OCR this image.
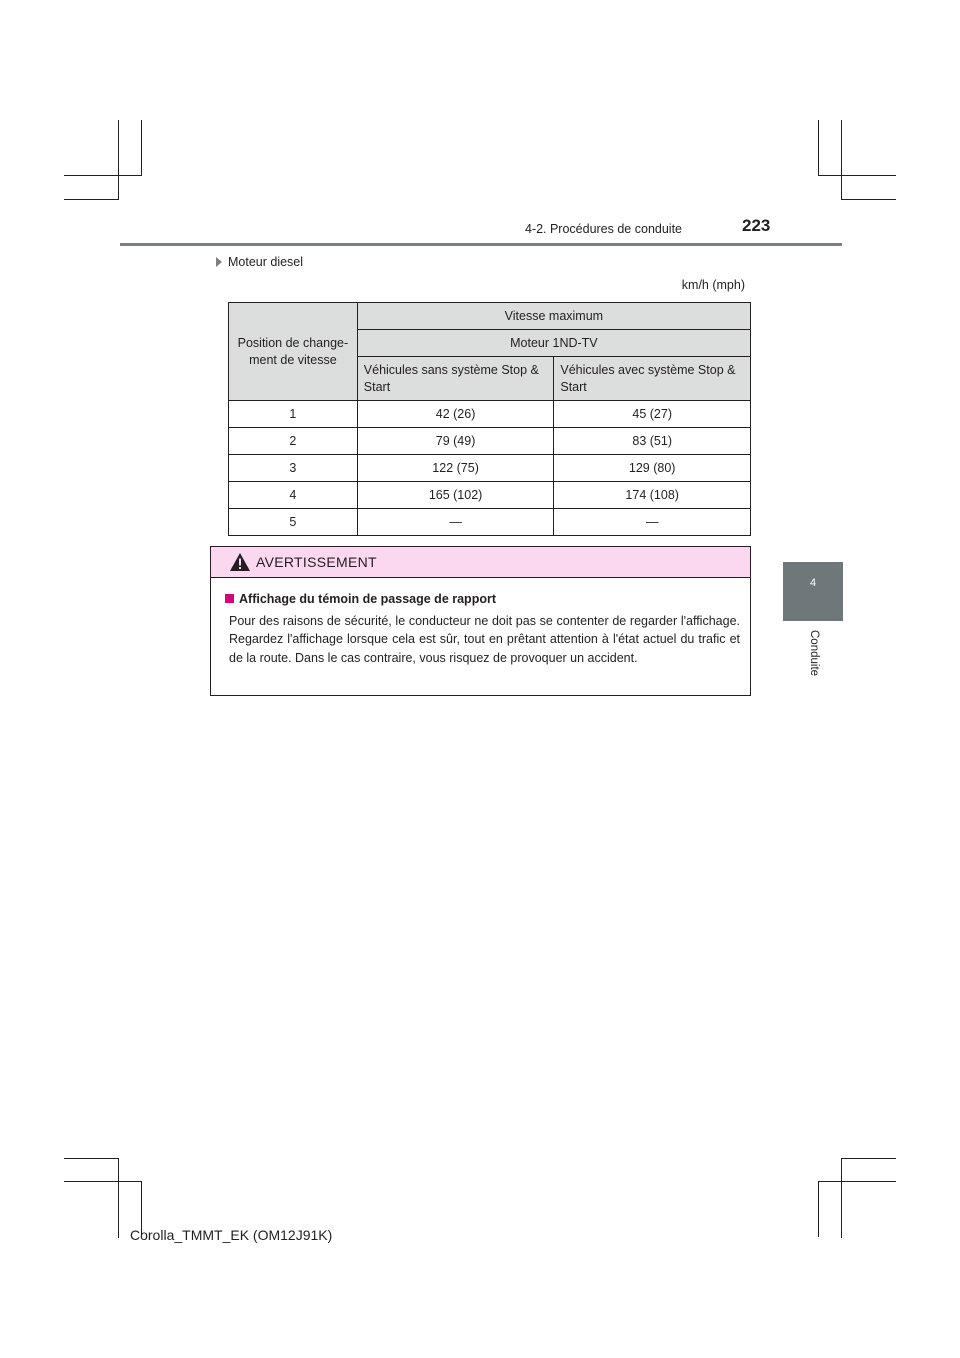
4-2. Procédures de conduite	223
4
Conduite
Moteur diesel
km/h (mph)
Position de change-ment de vitesse	Vitesse maximum	
	Moteur 1ND-TV	
	Véhicules sans système Stop & Start	Véhicules avec système Stop & Start
1	42 (26)	45 (27)
2	79 (49)	83 (51)
3	122 (75)	129 (80)
4	165 (102)	174 (108)
5	—	—
AVERTISSEMENT
Affichage du témoin de passage de rapport
Pour des raisons de sécurité, le conducteur ne doit pas se contenter de regarder l'affichage. Regardez l'affichage lorsque cela est sûr, tout en prêtant attention à l'état actuel du trafic et de la route. Dans le cas contraire, vous risquez de provoquer un accident.
Corolla_TMMT_EK (OM12J91K)
